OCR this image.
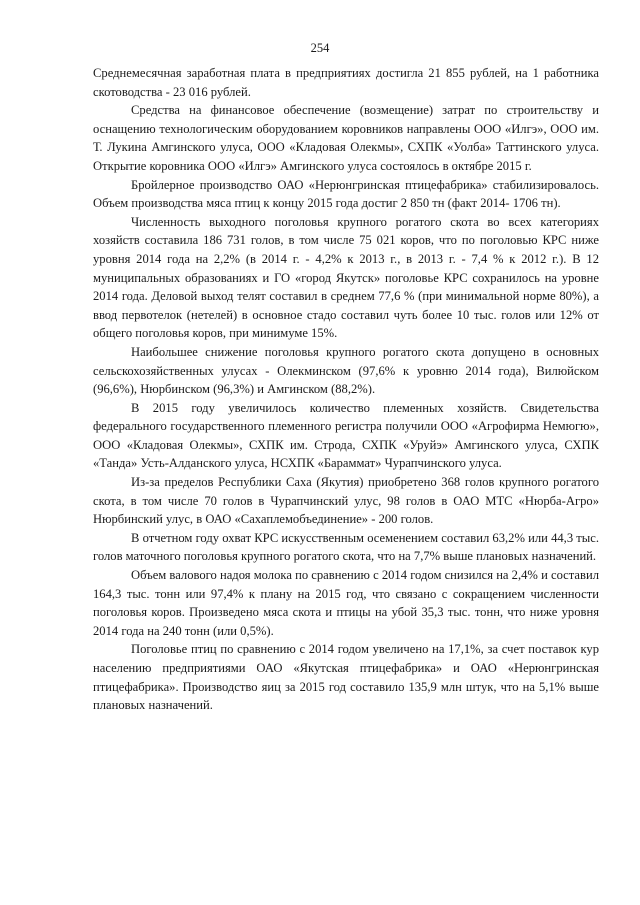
254

Среднемесячная заработная плата в предприятиях достигла 21 855 рублей, на 1 работника скотоводства - 23 016 рублей.

Средства на финансовое обеспечение (возмещение) затрат по строительству и оснащению технологическим оборудованием коровников направлены ООО «Илгэ», ООО им. Т. Лукина Амгинского улуса, ООО «Кладовая Олекмы», СХПК «Уолба» Таттинского улуса. Открытие коровника ООО «Илгэ» Амгинского улуса состоялось в октябре 2015 г.

Бройлерное производство ОАО «Нерюнгринская птицефабрика» стабилизировалось. Объем производства мяса птиц к концу 2015 года достиг 2 850 тн (факт 2014- 1706 тн).

Численность выходного поголовья крупного рогатого скота во всех категориях хозяйств составила 186 731 голов, в том числе 75 021 коров, что по поголовью КРС ниже уровня 2014 года на 2,2% (в 2014 г. - 4,2% к 2013 г., в 2013 г. - 7,4 % к 2012 г.). В 12 муниципальных образованиях и ГО «город Якутск» поголовье КРС сохранилось на уровне 2014 года. Деловой выход телят составил в среднем 77,6 % (при минимальной норме 80%), а ввод первотелок (нетелей) в основное стадо составил чуть более 10 тыс. голов или 12% от общего поголовья коров, при минимуме 15%.

Наибольшее снижение поголовья крупного рогатого скота допущено в основных сельскохозяйственных улусах - Олекминском (97,6% к уровню 2014 года), Вилюйском (96,6%), Нюрбинском (96,3%) и Амгинском (88,2%).

В 2015 году увеличилось количество племенных хозяйств. Свидетельства федерального государственного племенного регистра получили ООО «Агрофирма Немюгю», ООО «Кладовая Олекмы», СХПК им. Строда, СХПК «Уруйэ» Амгинского улуса, СХПК «Танда» Усть-Алданского улуса, НСХПК «Бараммат» Чурапчинского улуса.

Из-за пределов Республики Саха (Якутия) приобретено 368 голов крупного рогатого скота, в том числе 70 голов в Чурапчинский улус, 98 голов в ОАО МТС «Нюрба-Агро» Нюрбинский улус, в ОАО «Сахаплемобъединение» - 200 голов.

В отчетном году охват КРС искусственным осеменением составил 63,2% или 44,3 тыс. голов маточного поголовья крупного рогатого скота, что на 7,7% выше плановых назначений.

Объем валового надоя молока по сравнению с 2014 годом снизился на 2,4% и составил 164,3 тыс. тонн или 97,4% к плану на 2015 год, что связано с сокращением численности поголовья коров. Произведено мяса скота и птицы на убой 35,3 тыс. тонн, что ниже уровня 2014 года на 240 тонн (или 0,5%).

Поголовье птиц по сравнению с 2014 годом увеличено на 17,1%, за счет поставок кур населению предприятиями ОАО «Якутская птицефабрика» и ОАО «Нерюнгринская птицефабрика». Производство яиц за 2015 год составило 135,9 млн штук, что на 5,1% выше плановых назначений.
